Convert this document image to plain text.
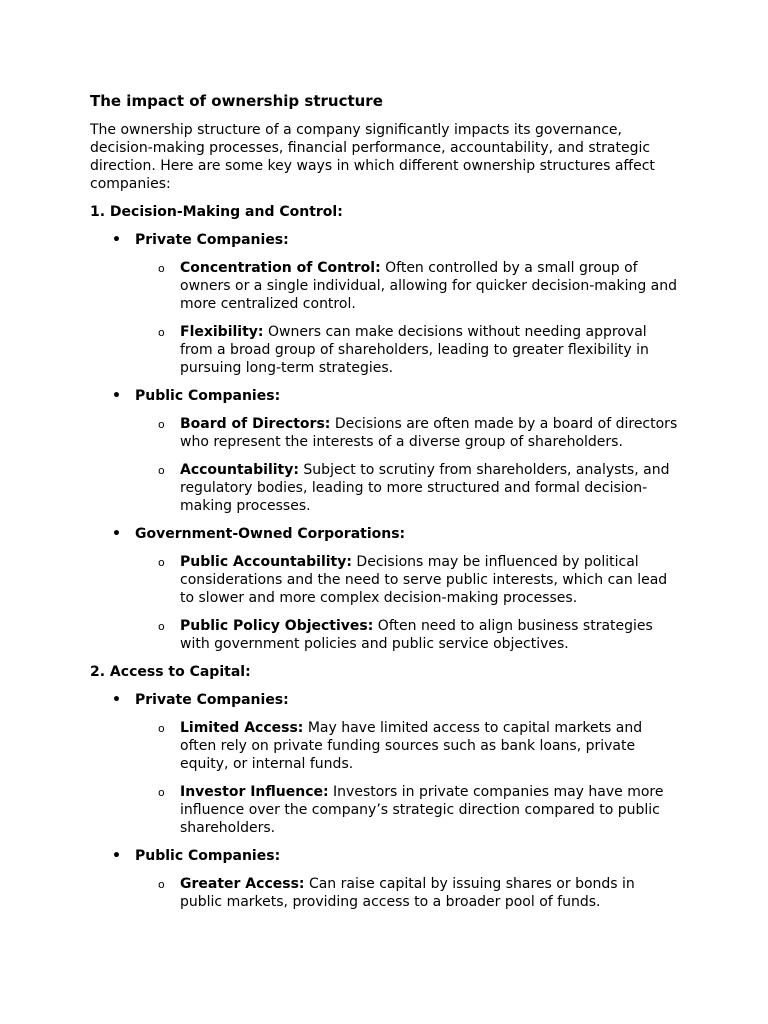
The impact of ownership structure
The ownership structure of a company significantly impacts its governance, decision-making processes, financial performance, accountability, and strategic direction. Here are some key ways in which different ownership structures affect companies:
1. Decision-Making and Control:
• Private Companies:
o Concentration of Control: Often controlled by a small group of owners or a single individual, allowing for quicker decision-making and more centralized control.
o Flexibility: Owners can make decisions without needing approval from a broad group of shareholders, leading to greater flexibility in pursuing long-term strategies.
• Public Companies:
o Board of Directors: Decisions are often made by a board of directors who represent the interests of a diverse group of shareholders.
o Accountability: Subject to scrutiny from shareholders, analysts, and regulatory bodies, leading to more structured and formal decision-making processes.
• Government-Owned Corporations:
o Public Accountability: Decisions may be influenced by political considerations and the need to serve public interests, which can lead to slower and more complex decision-making processes.
o Public Policy Objectives: Often need to align business strategies with government policies and public service objectives.
2. Access to Capital:
• Private Companies:
o Limited Access: May have limited access to capital markets and often rely on private funding sources such as bank loans, private equity, or internal funds.
o Investor Influence: Investors in private companies may have more influence over the company’s strategic direction compared to public shareholders.
• Public Companies:
o Greater Access: Can raise capital by issuing shares or bonds in public markets, providing access to a broader pool of funds.
